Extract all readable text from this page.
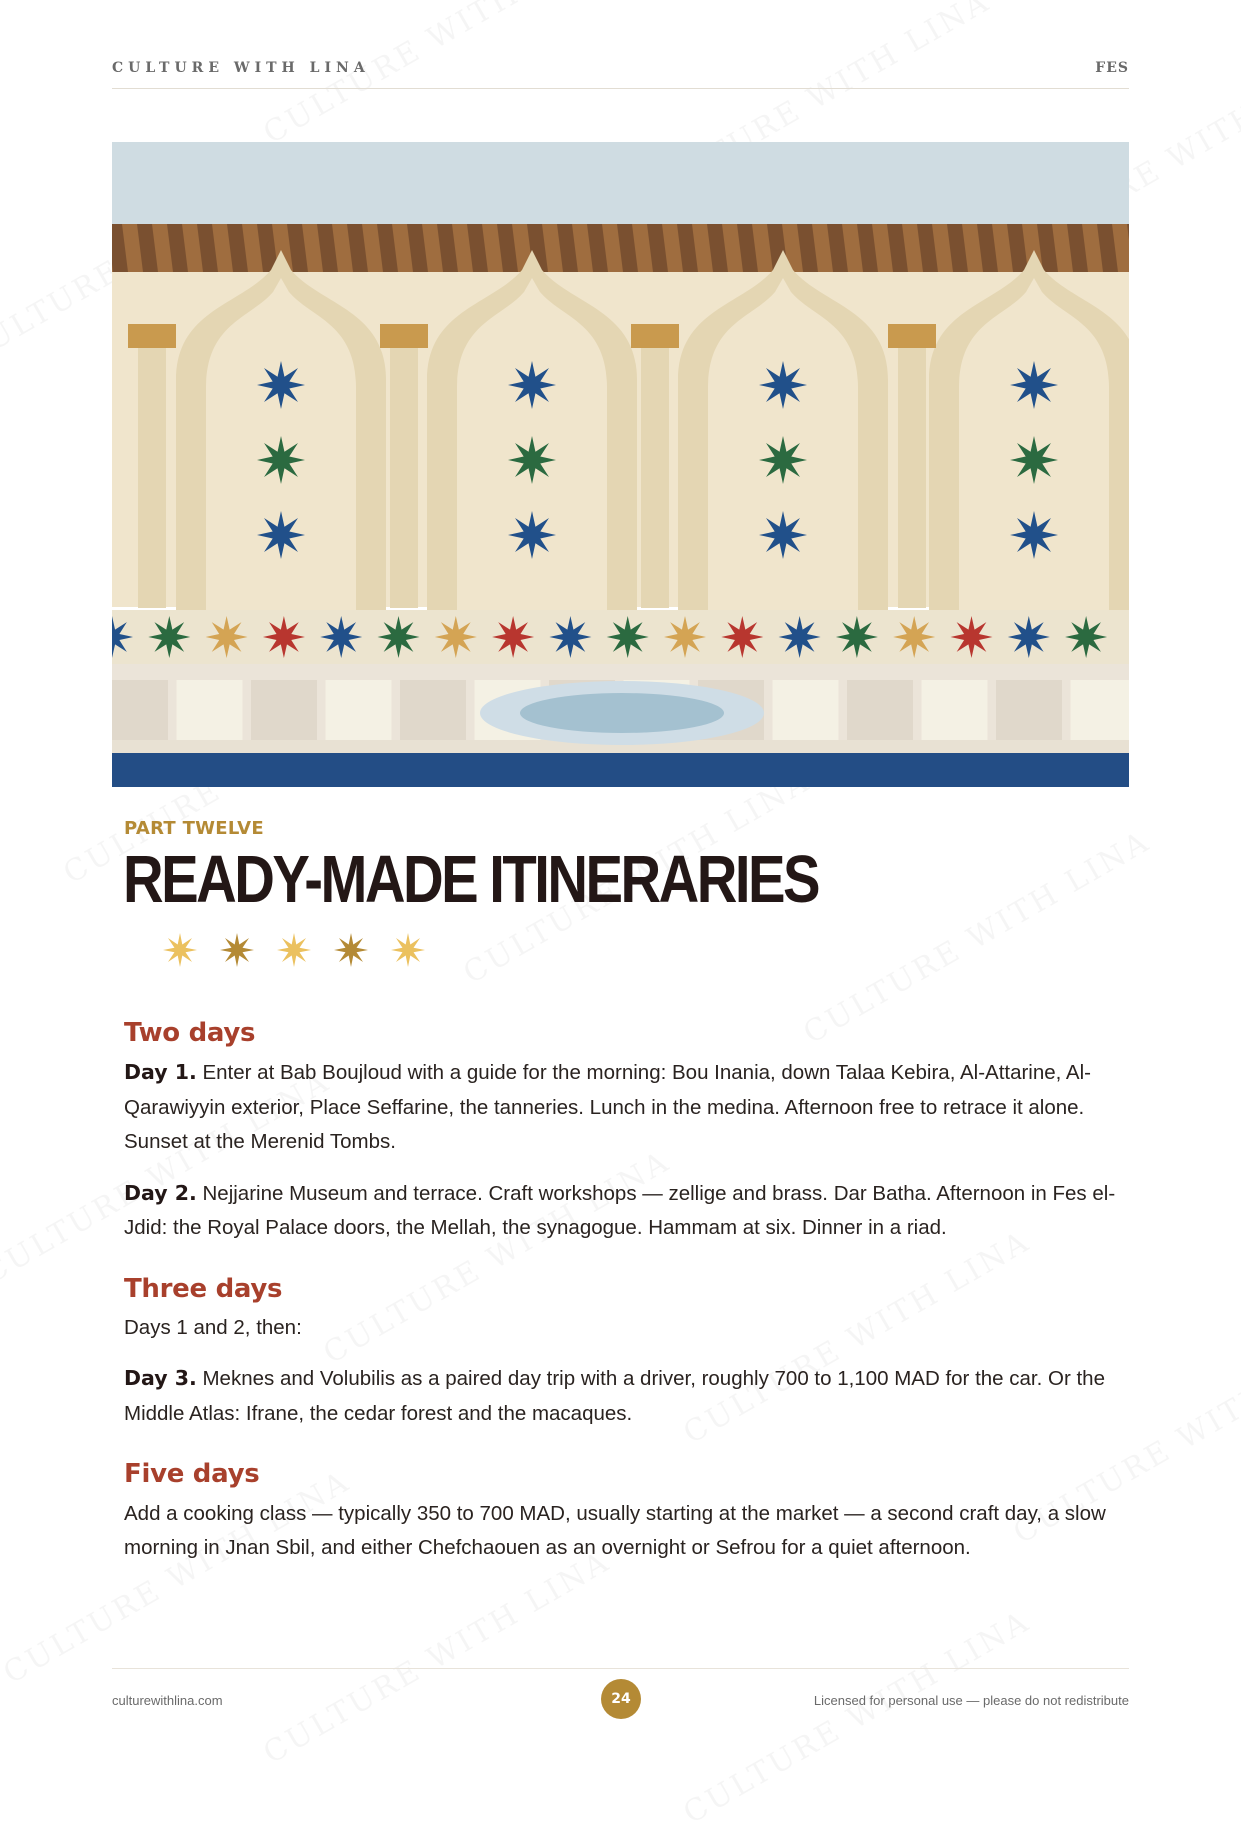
CULTURE WITH LINA	FES
PART TWELVE
READY-MADE ITINERARIES
Two days

Day 1. Enter at Bab Boujloud with a guide for the morning: Bou Inania, down Talaa Kebira, Al-Attarine, Al-Qarawiyyin exterior, Place Seffarine, the tanneries. Lunch in the medina. Afternoon free to retrace it alone. Sunset at the Merenid Tombs.

Day 2. Nejjarine Museum and terrace. Craft workshops — zellige and brass. Dar Batha. Afternoon in Fes el-Jdid: the Royal Palace doors, the Mellah, the synagogue. Hammam at six. Dinner in a riad.

Three days

Days 1 and 2, then:

Day 3. Meknes and Volubilis as a paired day trip with a driver, roughly 700 to 1,100 MAD for the car. Or the Middle Atlas: Ifrane, the cedar forest and the macaques.

Five days

Add a cooking class — typically 350 to 700 MAD, usually starting at the market — a second craft day, a slow morning in Jnan Sbil, and either Chefchaouen as an overnight or Sefrou for a quiet afternoon.

culturewithlina.com	24	Licensed for personal use — please do not redistribute
